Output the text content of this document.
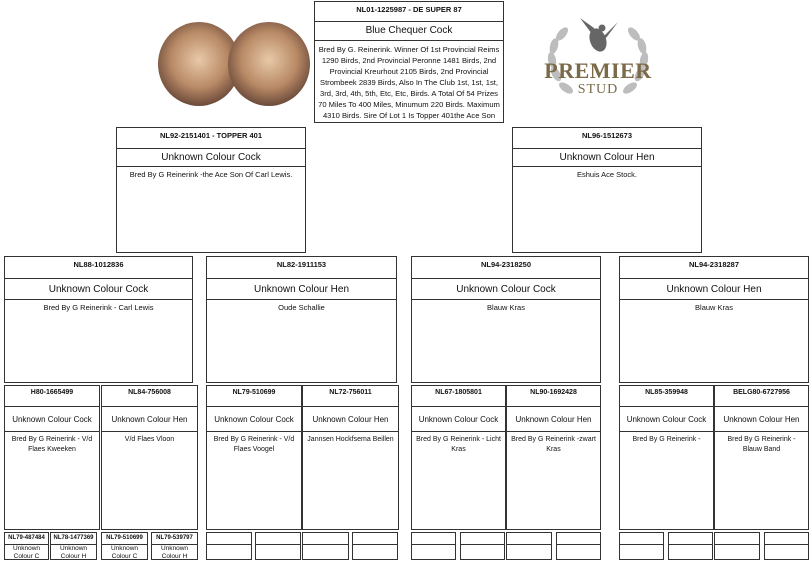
NL01-1225987 - DE SUPER 87
Blue Chequer Cock
Bred By G. Reinerink. Winner Of 1st Provincial Reims 1290 Birds, 2nd Provincial Peronne 1481 Birds, 2nd Provincial Kreurhout 2105 Birds, 2nd Provincial Strombeek 2839 Birds, Also In The Club 1st, 1st, 1st, 3rd, 3rd, 4th, 5th, Etc, Etc, Birds. A Total Of 54 Prizes 70 Miles To 400 Miles, Minumum 220 Birds. Maximum 4310 Birds. Sire Of Lot 1 Is Topper 401the Ace Son
PREMIER
STUD
NL92-2151401 - TOPPER 401
Unknown Colour Cock
Bred By G Reinerink -the Ace Son Of Carl Lewis.
NL96-1512673
Unknown Colour Hen
Eshuis Ace Stock.
NL88-1012836
Unknown Colour Cock
Bred By G Reinerink - Carl Lewis
NL82-1911153
Unknown Colour Hen
Oude Schallie
NL94-2318250
Unknown Colour Cock
Blauw Kras
NL94-2318287
Unknown Colour Hen
Blauw Kras
H80-1665499
Unknown Colour Cock
Bred By G Reinerink - V/d Flaes Kweeken
NL84-756008
Unknown Colour Hen
V/d Flaes Vloon
NL79-510699
Unknown Colour Cock
Bred By G Reinerink - V/d Flaes Voogel
NL72-756011
Unknown Colour Hen
Jannsen Hockfsema Beillen
NL67-1805801
Unknown Colour Cock
Bred By G Reinerink - Licht Kras
NL90-1692428
Unknown Colour Hen
Bred By G Reinerink -zwart Kras
NL85-359948
Unknown Colour Cock
Bred By G Reinerink -
BELG80-6727956
Unknown Colour Hen
Bred By G Reinerink - Blauw Band
NL79-487484
Unknown Colour C
NL78-1477369
Unknown Colour H
NL79-510699
Unknown Colour C
NL79-539797
Unknown Colour H
